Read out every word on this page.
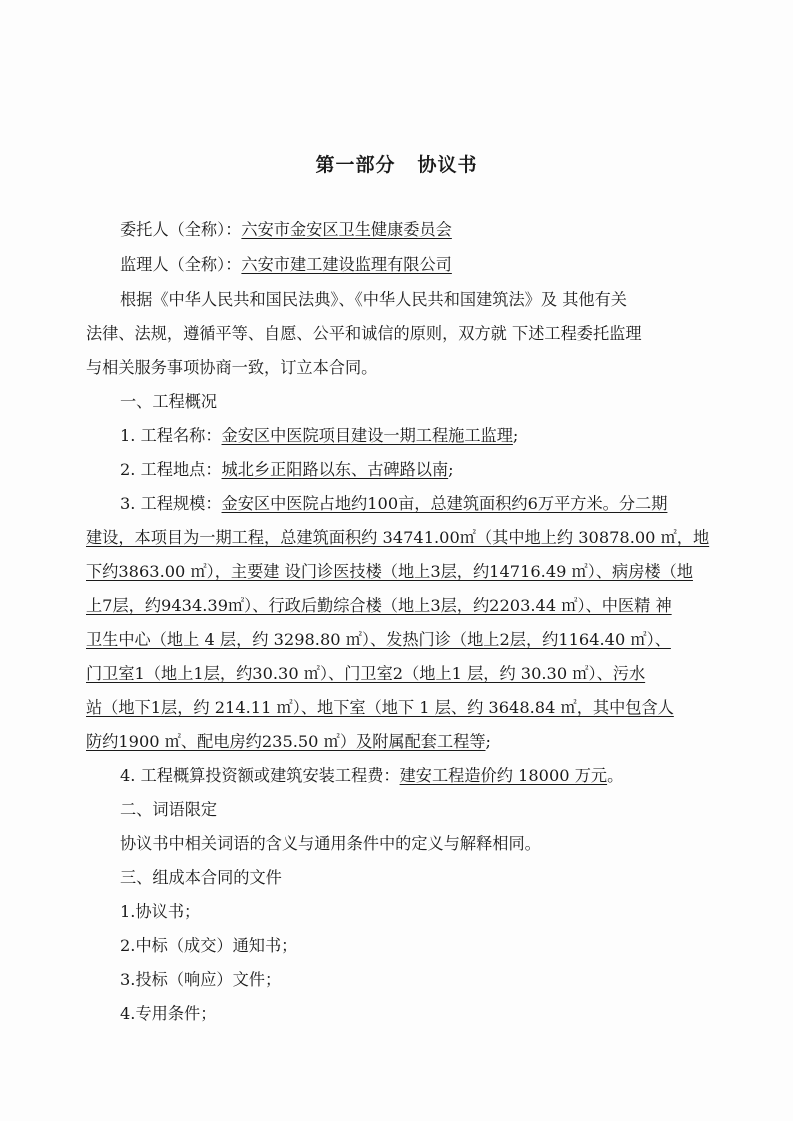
第一部分 协议书
委托人（全称）：六安市金安区卫生健康委员会
监理人（全称）：六安市建工建设监理有限公司
根据《中华人民共和国民法典》、《中华人民共和国建筑法》及 其他有关
法律、法规，遵循平等、自愿、公平和诚信的原则，双方就 下述工程委托监理
与相关服务事项协商一致，订立本合同。
一、工程概况
1. 工程名称：金安区中医院项目建设一期工程施工监理;
2. 工程地点：城北乡正阳路以东、古碑路以南;
3. 工程规模：金安区中医院占地约100亩，总建筑面积约6万平方米。分二期
建设，本项目为一期工程，总建筑面积约 34741.00㎡（其中地上约 30878.00 ㎡，地
下约3863.00 ㎡），主要建 设门诊医技楼（地上3层，约14716.49 ㎡）、病房楼（地
上7层，约9434.39㎡）、行政后勤综合楼（地上3层，约2203.44 ㎡）、中医精 神
卫生中心（地上 4 层，约 3298.80 ㎡）、发热门诊（地上2层，约1164.40 ㎡）、
门卫室1（地上1层，约30.30 ㎡）、门卫室2（地上1 层，约 30.30 ㎡）、污水
站（地下1层，约 214.11 ㎡）、地下室（地下 1 层、约 3648.84 ㎡，其中包含人
防约1900 ㎡、配电房约235.50 ㎡）及附属配套工程等;
4. 工程概算投资额或建筑安装工程费：建安工程造价约 18000 万元。
二、词语限定
协议书中相关词语的含义与通用条件中的定义与解释相同。
三、组成本合同的文件
1.协议书；
2.中标（成交）通知书；
3.投标（响应）文件；
4.专用条件；
